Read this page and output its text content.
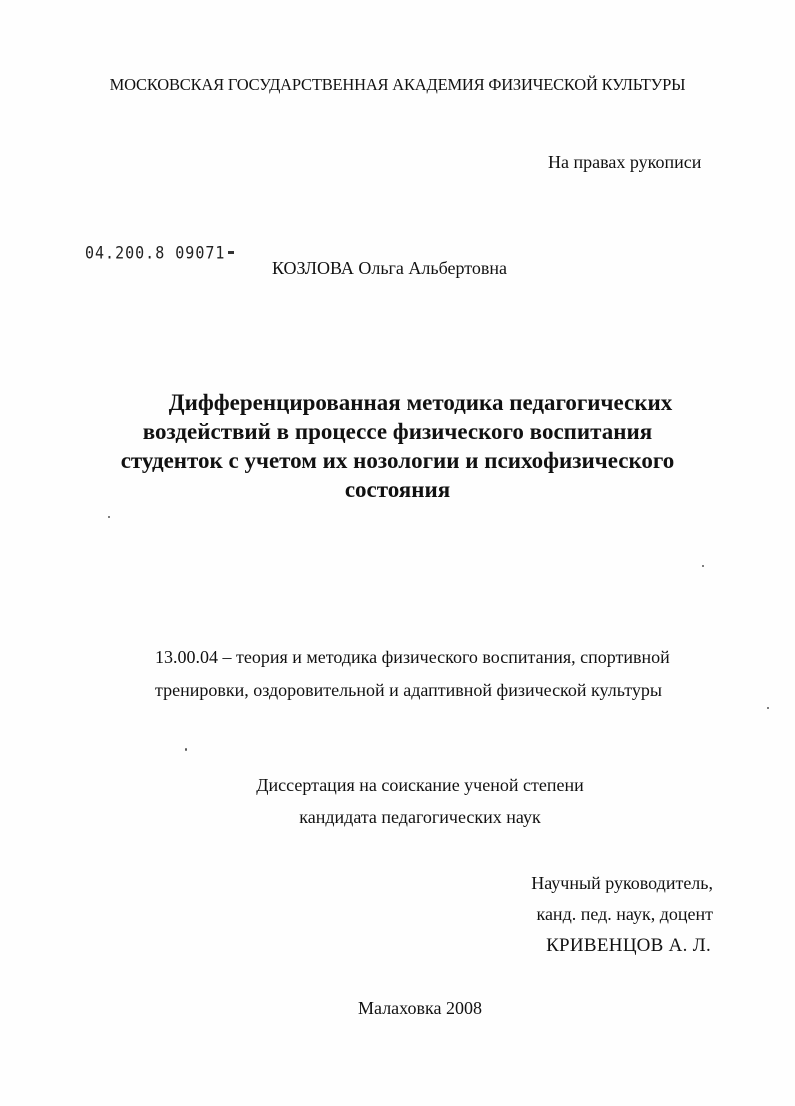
МОСКОВСКАЯ ГОСУДАРСТВЕННАЯ АКАДЕМИЯ ФИЗИЧЕСКОЙ КУЛЬТУРЫ
На правах рукописи
04.200.8 09071
КОЗЛОВА Ольга Альбертовна
Дифференцированная методика педагогических
воздействий в процессе физического воспитания
студенток с учетом их нозологии и психофизического
состояния
13.00.04 – теория и методика физического воспитания, спортивной
тренировки, оздоровительной и адаптивной физической культуры
Диссертация на соискание ученой степени
кандидата педагогических наук
Научный руководитель,
канд. пед. наук, доцент
КРИВЕНЦОВ А. Л.
Малаховка 2008
